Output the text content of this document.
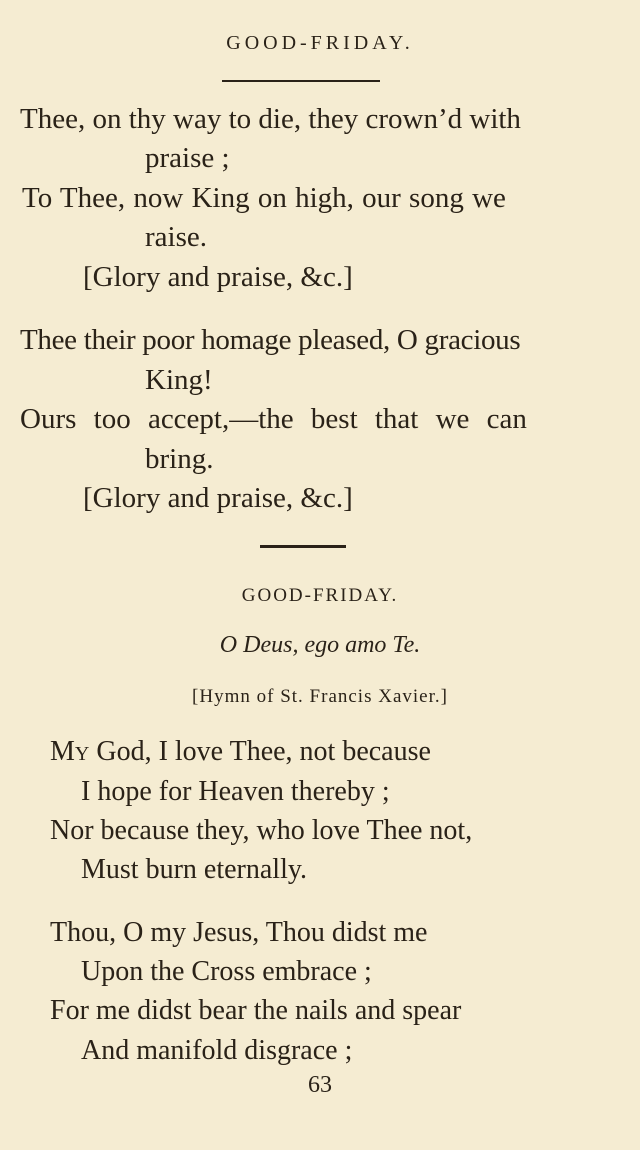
GOOD-FRIDAY.
Thee, on thy way to die, they crown’d with
praise ;
To Thee, now King on high, our song we
raise.
[Glory and praise, &c.]
Thee their poor homage pleased, O gracious
King!
Ours too accept,—the best that we can
bring.
[Glory and praise, &c.]
GOOD-FRIDAY.
O Deus, ego amo Te.
[Hymn of St. Francis Xavier.]
My God, I love Thee, not because
I hope for Heaven thereby ;
Nor because they, who love Thee not,
Must burn eternally.
Thou, O my Jesus, Thou didst me
Upon the Cross embrace ;
For me didst bear the nails and spear
And manifold disgrace ;
63
